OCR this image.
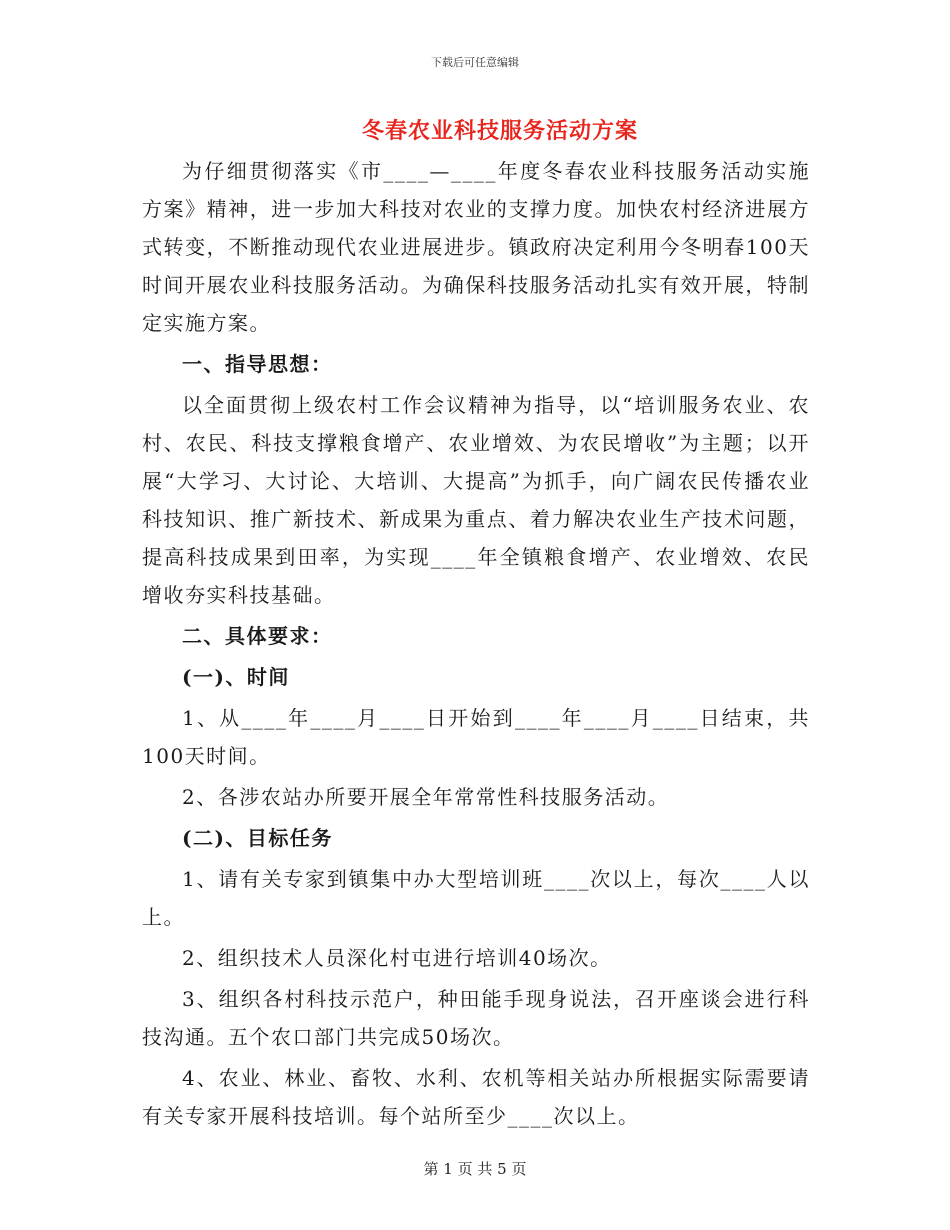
下载后可任意编辑
冬春农业科技服务活动方案

为仔细贯彻落实《市____—____年度冬春农业科技服务活动实施方案》精神，进一步加大科技对农业的支撑力度。加快农村经济进展方式转变，不断推动现代农业进展进步。镇政府决定利用今冬明春100天时间开展农业科技服务活动。为确保科技服务活动扎实有效开展，特制定实施方案。

一、指导思想：

以全面贯彻上级农村工作会议精神为指导，以“培训服务农业、农村、农民、科技支撑粮食增产、农业增效、为农民增收”为主题；以开展“大学习、大讨论、大培训、大提高”为抓手，向广阔农民传播农业科技知识、推广新技术、新成果为重点、着力解决农业生产技术问题，提高科技成果到田率，为实现____年全镇粮食增产、农业增效、农民增收夯实科技基础。

二、具体要求：

(一)、时间

1、从____年____月____日开始到____年____月____日结束，共100天时间。

2、各涉农站办所要开展全年常常性科技服务活动。

(二)、目标任务

1、请有关专家到镇集中办大型培训班____次以上，每次____人以上。

2、组织技术人员深化村屯进行培训40场次。

3、组织各村科技示范户，种田能手现身说法，召开座谈会进行科技沟通。五个农口部门共完成50场次。

4、农业、林业、畜牧、水利、农机等相关站办所根据实际需要请有关专家开展科技培训。每个站所至少____次以上。

第 1 页 共 5 页
